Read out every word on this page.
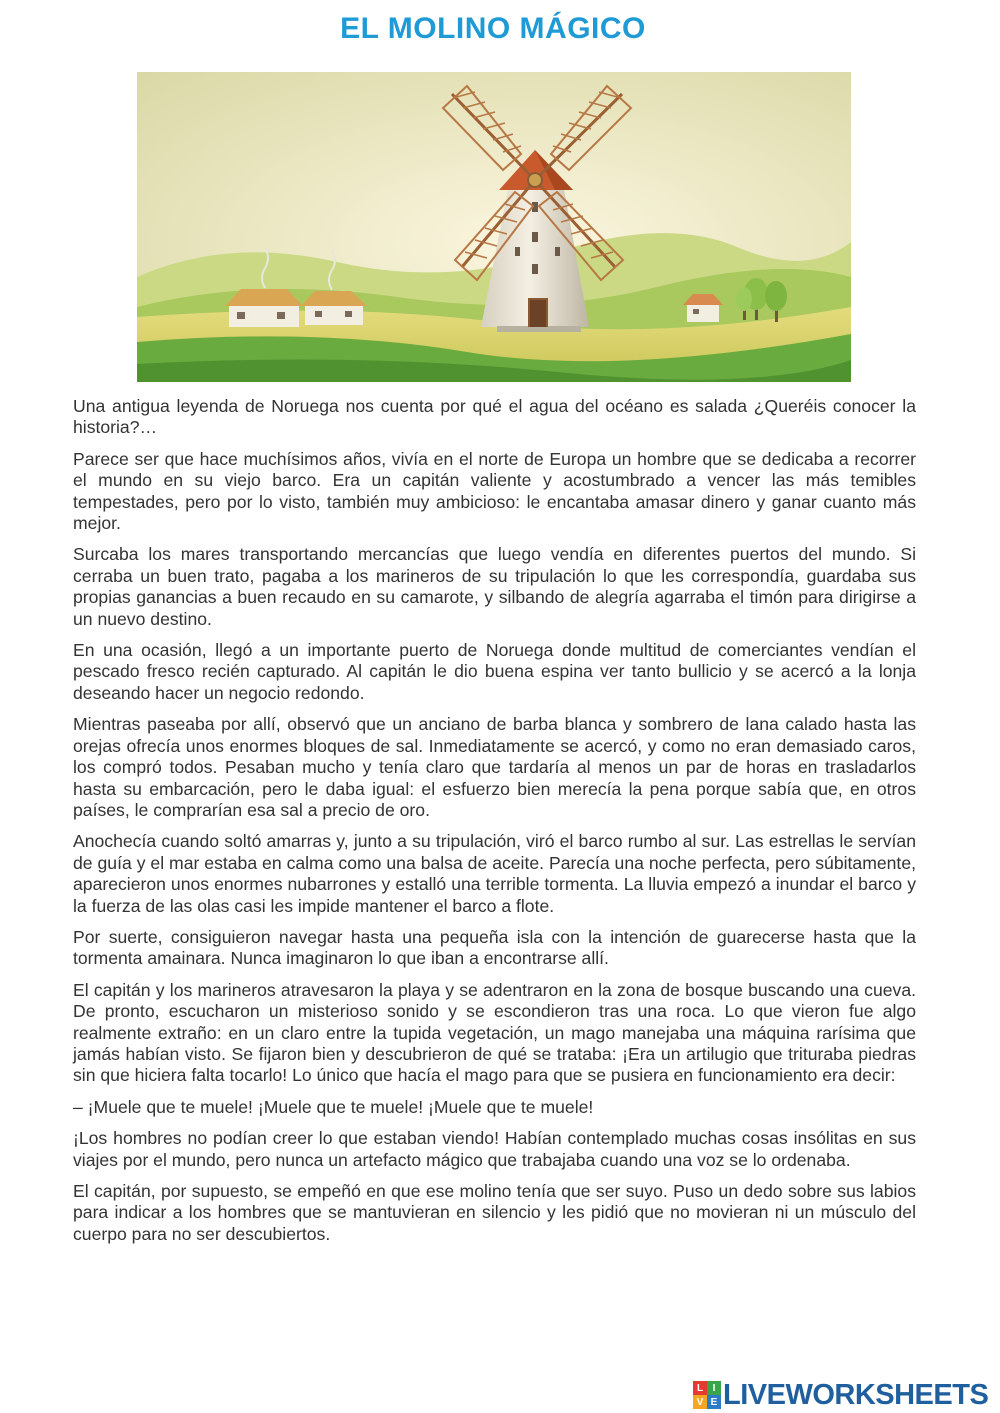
EL MOLINO MÁGICO

Una antigua leyenda de Noruega nos cuenta por qué el agua del océano es salada ¿Queréis conocer la historia?…

Parece ser que hace muchísimos años, vivía en el norte de Europa un hombre que se dedicaba a recorrer el mundo en su viejo barco. Era un capitán valiente y acostumbrado a vencer las más temibles tempestades, pero por lo visto, también muy ambicioso: le encantaba amasar dinero y ganar cuanto más mejor.

Surcaba los mares transportando mercancías que luego vendía en diferentes puertos del mundo. Si cerraba un buen trato, pagaba a los marineros de su tripulación lo que les correspondía, guardaba sus propias ganancias a buen recaudo en su camarote, y silbando de alegría agarraba el timón para dirigirse a un nuevo destino.

En una ocasión, llegó a un importante puerto de Noruega donde multitud de comerciantes vendían el pescado fresco recién capturado. Al capitán le dio buena espina ver tanto bullicio y se acercó a la lonja deseando hacer un negocio redondo.

Mientras paseaba por allí, observó que un anciano de barba blanca y sombrero de lana calado hasta las orejas ofrecía unos enormes bloques de sal. Inmediatamente se acercó, y como no eran demasiado caros, los compró todos. Pesaban mucho y tenía claro que tardaría al menos un par de horas en trasladarlos hasta su embarcación, pero le daba igual: el esfuerzo bien merecía la pena porque sabía que, en otros países, le comprarían esa sal a precio de oro.

Anochecía cuando soltó amarras y, junto a su tripulación, viró el barco rumbo al sur. Las estrellas le servían de guía y el mar estaba en calma como una balsa de aceite. Parecía una noche perfecta, pero súbitamente, aparecieron unos enormes nubarrones y estalló una terrible tormenta. La lluvia empezó a inundar el barco y la fuerza de las olas casi les impide mantener el barco a flote.

Por suerte, consiguieron navegar hasta una pequeña isla con la intención de guarecerse hasta que la tormenta amainara. Nunca imaginaron lo que iban a encontrarse allí.

El capitán y los marineros atravesaron la playa y se adentraron en la zona de bosque buscando una cueva. De pronto, escucharon un misterioso sonido y se escondieron tras una roca. Lo que vieron fue algo realmente extraño: en un claro entre la tupida vegetación, un mago manejaba una máquina rarísima que jamás habían visto. Se fijaron bien y descubrieron de qué se trataba: ¡Era un artilugio que trituraba piedras sin que hiciera falta tocarlo! Lo único que hacía el mago para que se pusiera en funcionamiento era decir:

– ¡Muele que te muele! ¡Muele que te muele! ¡Muele que te muele!

¡Los hombres no podían creer lo que estaban viendo! Habían contemplado muchas cosas insólitas en sus viajes por el mundo, pero nunca un artefacto mágico que trabajaba cuando una voz se lo ordenaba.

El capitán, por supuesto, se empeñó en que ese molino tenía que ser suyo. Puso un dedo sobre sus labios para indicar a los hombres que se mantuvieran en silencio y les pidió que no movieran ni un músculo del cuerpo para no ser descubiertos.

L I
V E LIVEWORKSHEETS
